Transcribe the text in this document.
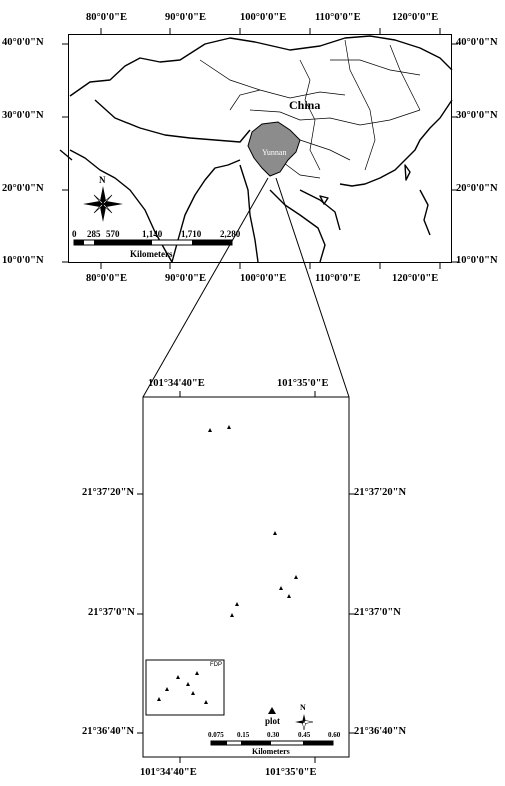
80°0'0"E	90°0'0"E	100°0'0"E	110°0'0"E	120°0'0"E
80°0'0"E	90°0'0"E	100°0'0"E	110°0'0"E	120°0'0"E
40°0'0"N
30°0'0"N
20°0'0"N
10°0'0"N
40°0'0"N
30°0'0"N
20°0'0"N
10°0'0"N
China
Yunnan
N
0 285 570	1,140 1,710 2,280
Kilometers
101°34'40"E	101°35'0"E
101°34'40"E	101°35'0"E
21°37'20"N
21°37'0"N
21°36'40"N
21°37'20"N
21°37'0"N
21°36'40"N
FDP
plot
N
0.075 0.15	0.30	0.45	0.60
Kilometers
